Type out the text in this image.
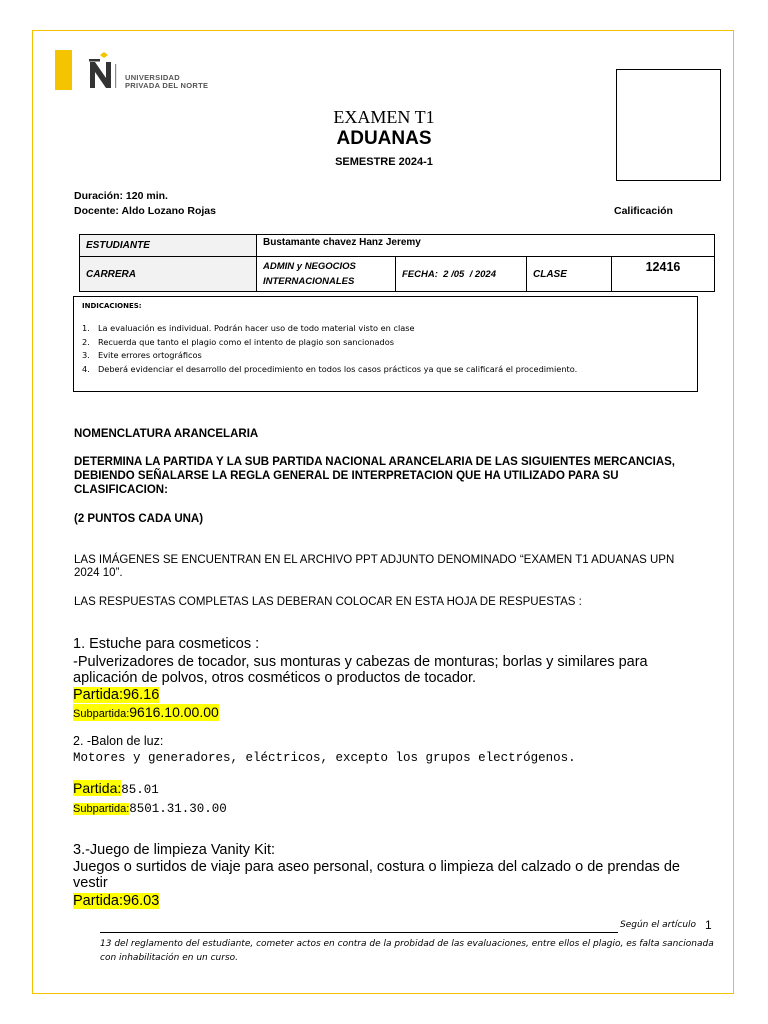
UNIVERSIDAD
PRIVADA DEL NORTE
EXAMEN T1
ADUANAS
SEMESTRE 2024-1
Duración: 120 min.
Docente: Aldo Lozano Rojas	Calificación
ESTUDIANTE	Bustamante chavez Hanz Jeremy			
CARRERA	ADMIN y NEGOCIOS INTERNACIONALES	FECHA:  2 /05  / 2024	CLASE	12416
INDICACIONES:
1. La evaluación es individual. Podrán hacer uso de todo material visto en clase
2. Recuerda que tanto el plagio como el intento de plagio son sancionados
3. Evite errores ortográficos
4. Deberá evidenciar el desarrollo del procedimiento en todos los casos prácticos ya que se calificará el procedimiento.
NOMENCLATURA ARANCELARIA
DETERMINA LA PARTIDA Y LA SUB PARTIDA NACIONAL ARANCELARIA DE LAS SIGUIENTES MERCANCIAS, DEBIENDO SEÑALARSE LA REGLA GENERAL DE INTERPRETACION QUE HA UTILIZADO PARA SU CLASIFICACION:
(2 PUNTOS CADA UNA)
LAS IMÁGENES SE ENCUENTRAN EN EL ARCHIVO PPT ADJUNTO DENOMINADO “EXAMEN T1 ADUANAS UPN 2024 10”.
LAS RESPUESTAS COMPLETAS LAS DEBERAN COLOCAR EN ESTA HOJA DE RESPUESTAS :
1. Estuche para cosmeticos :
-Pulverizadores de tocador, sus monturas y cabezas de monturas; borlas y similares para aplicación de polvos, otros cosméticos o productos de tocador.
Partida:96.16
Subpartida:9616.10.00.00
2. -Balon de luz:
Motores y generadores, eléctricos, excepto los grupos electrógenos.
Partida:85.01
Subpartida:8501.31.30.00
3.-Juego de limpieza Vanity Kit:
Juegos o surtidos de viaje para aseo personal, costura o limpieza del calzado o de prendas de vestir
Partida:96.03
Según el artículo 1
13 del reglamento del estudiante, cometer actos en contra de la probidad de las evaluaciones, entre ellos el plagio, es falta sancionada con inhabilitación en un curso.
